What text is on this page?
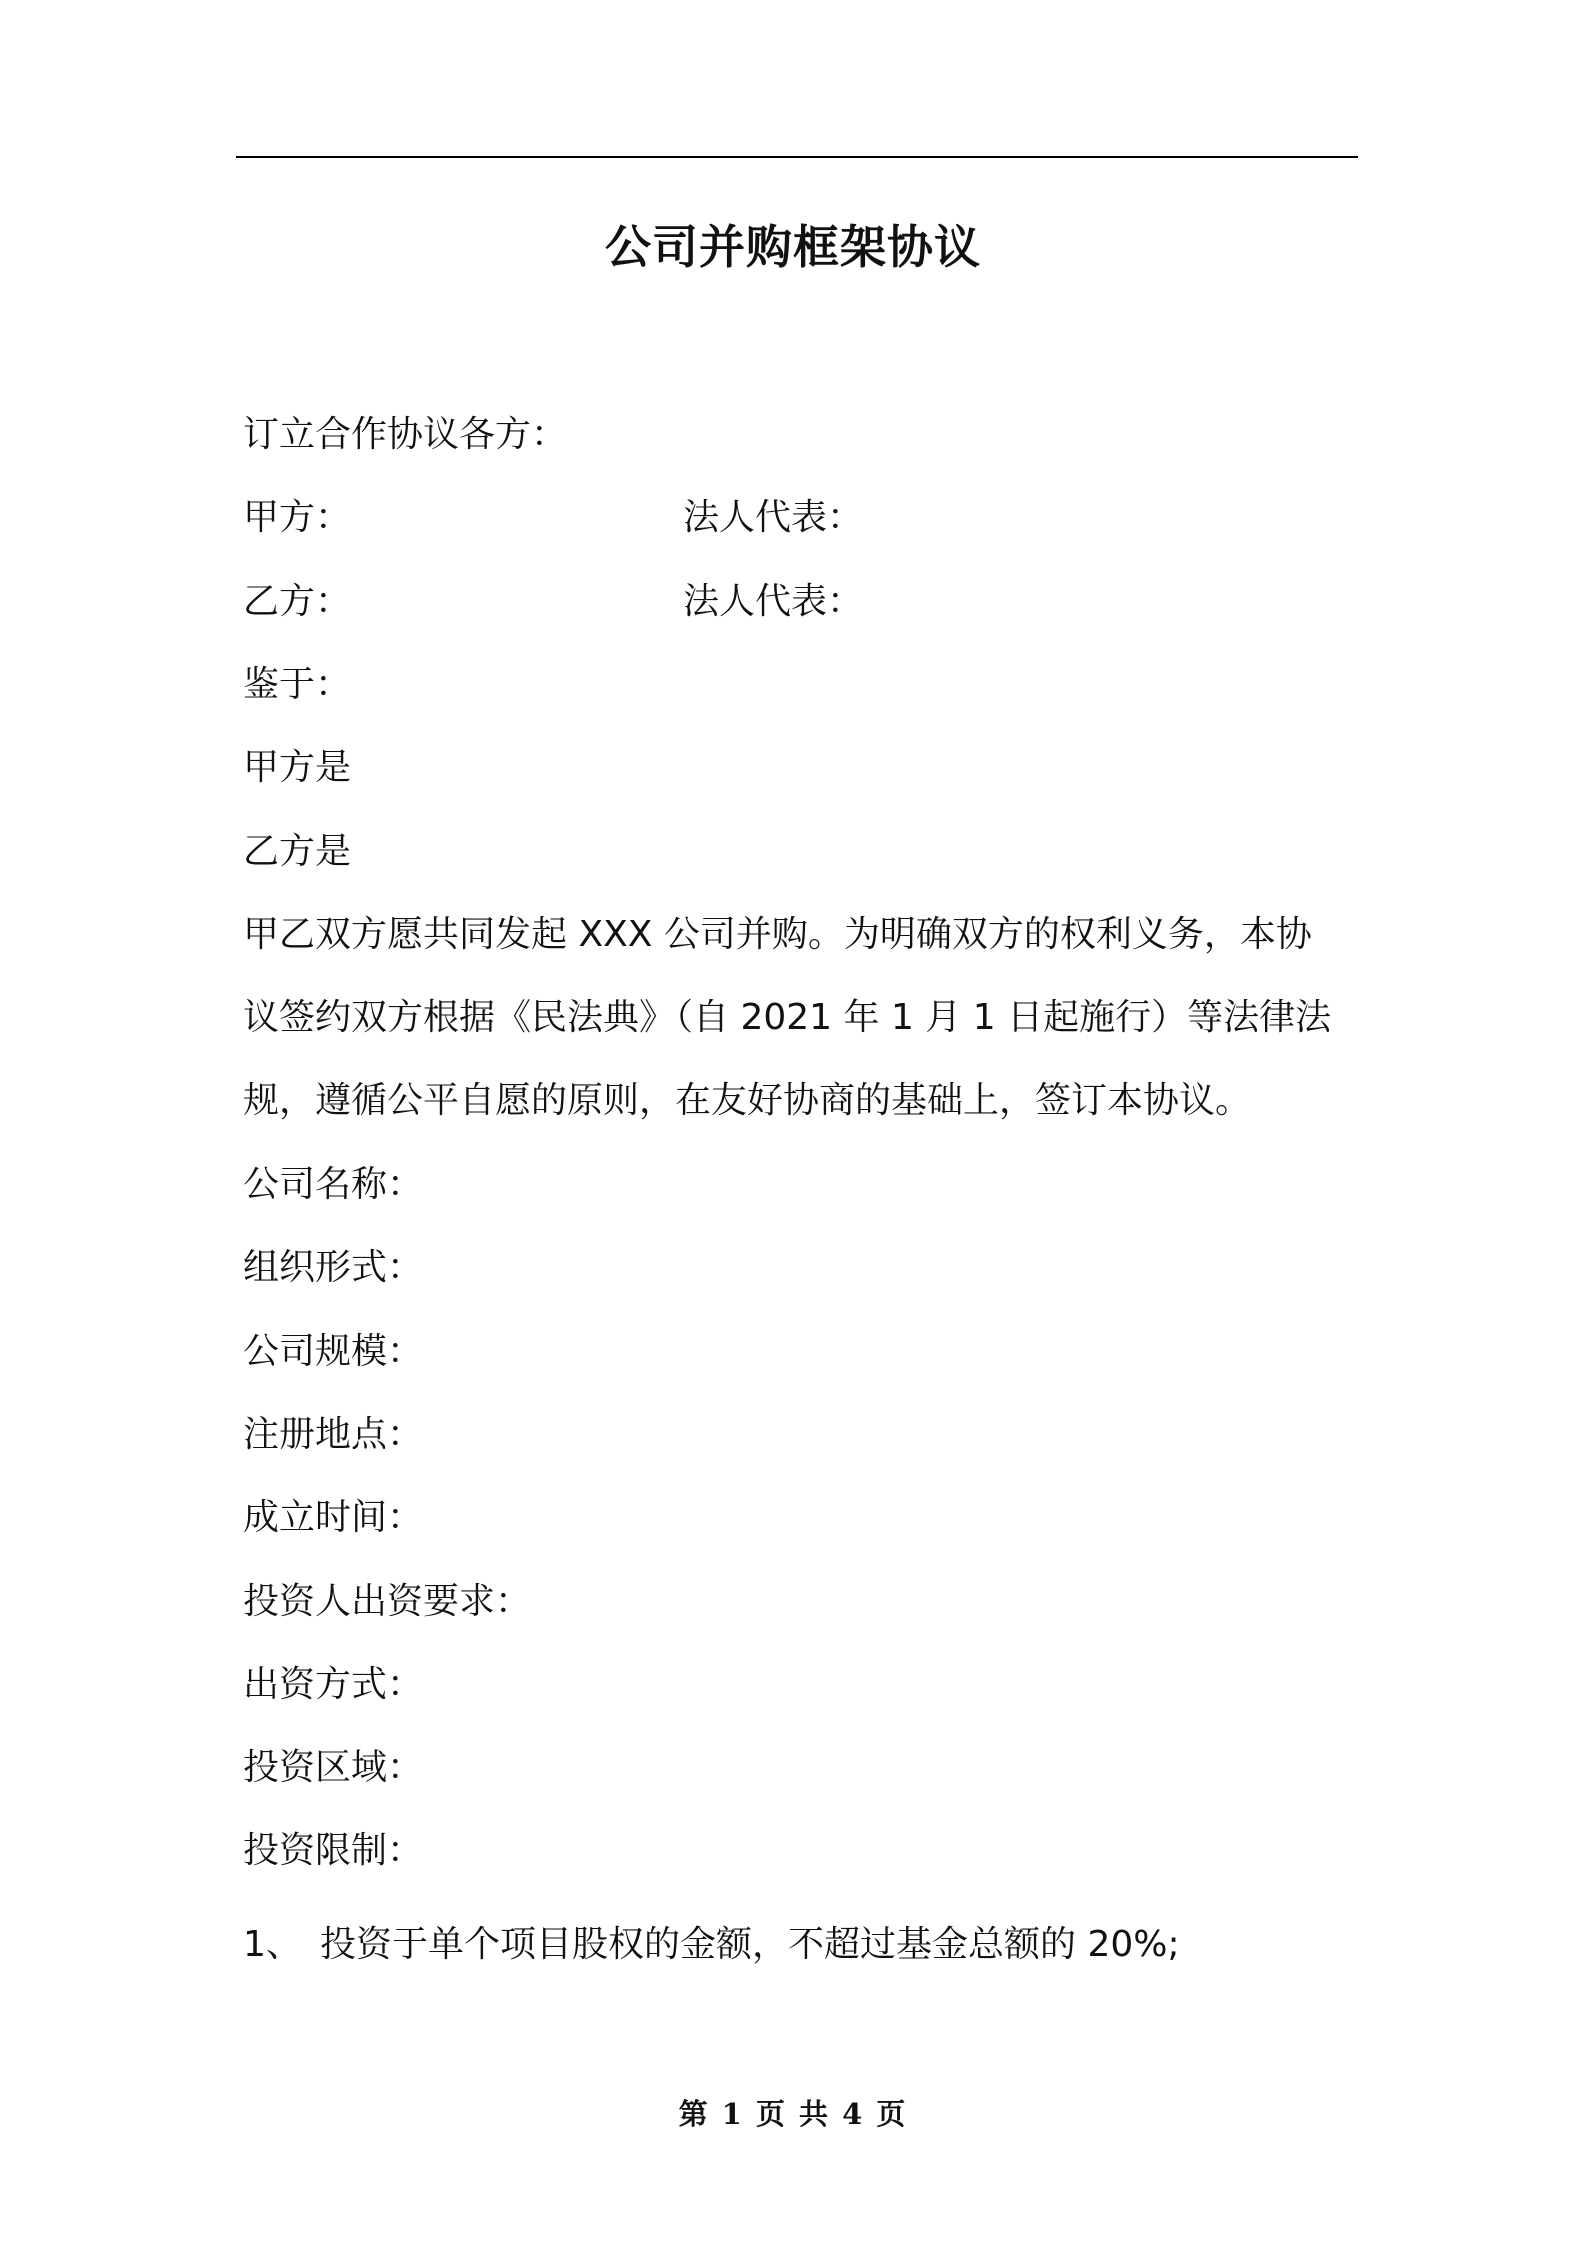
公司并购框架协议
订立合作协议各方：
甲方：	法人代表：
乙方：	法人代表：
鉴于：
甲方是
乙方是
甲乙双方愿共同发起 XXX 公司并购。为明确双方的权利义务，本协
议签约双方根据《民法典》（自 2021 年 1 月 1 日起施行）等法律法
规，遵循公平自愿的原则，在友好协商的基础上，签订本协议。
公司名称：
组织形式：
公司规模：
注册地点：
成立时间：
投资人出资要求：
出资方式：
投资区域：
投资限制：
1、 投资于单个项目股权的金额，不超过基金总额的 20%;
第 1 页 共 4 页
